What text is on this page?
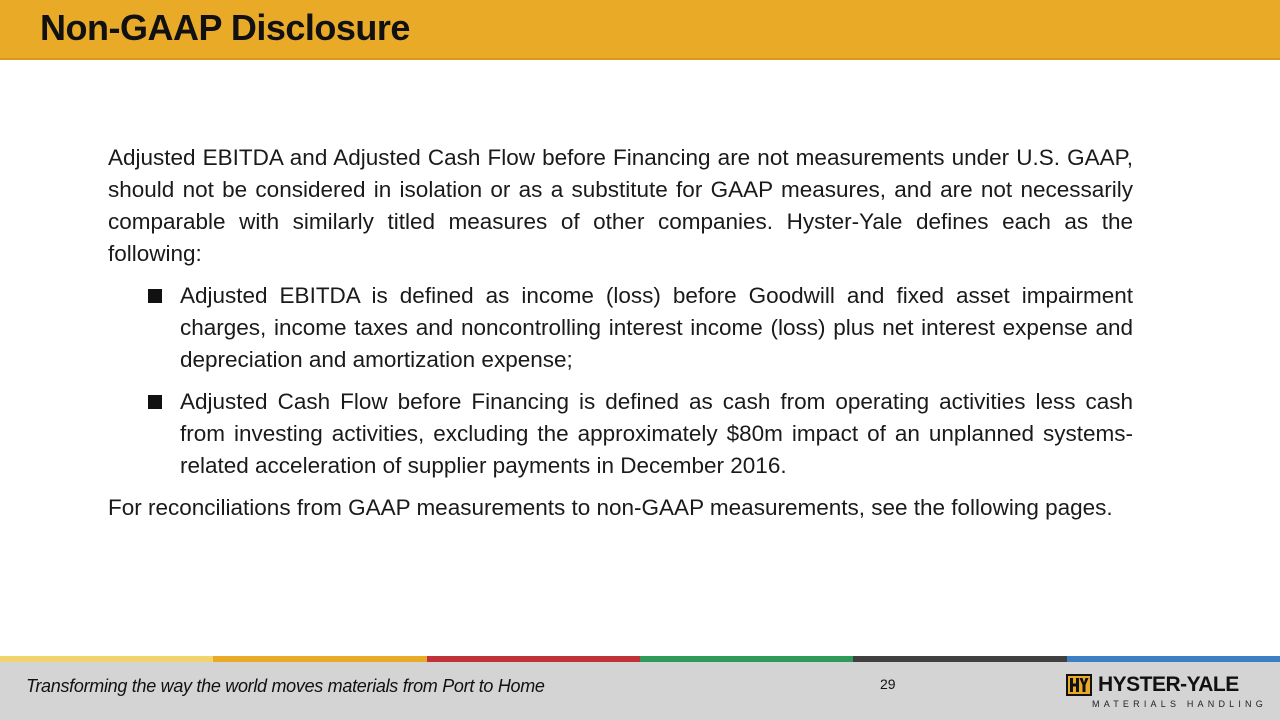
Non-GAAP Disclosure

Adjusted EBITDA and Adjusted Cash Flow before Financing are not measurements under U.S. GAAP, should not be considered in isolation or as a substitute for GAAP measures, and are not necessarily comparable with similarly titled measures of other companies. Hyster-Yale defines each as the following:

Adjusted EBITDA is defined as income (loss) before Goodwill and fixed asset impairment charges, income taxes and noncontrolling interest income (loss) plus net interest expense and depreciation and amortization expense;
Adjusted Cash Flow before Financing is defined as cash from operating activities less cash from investing activities, excluding the approximately $80m impact of an unplanned systems-related acceleration of supplier payments in December 2016.

For reconciliations from GAAP measurements to non-GAAP measurements, see the following pages.

Transforming the way the world moves materials from Port to Home	29	HYSTER-YALE
MATERIALS HANDLING
